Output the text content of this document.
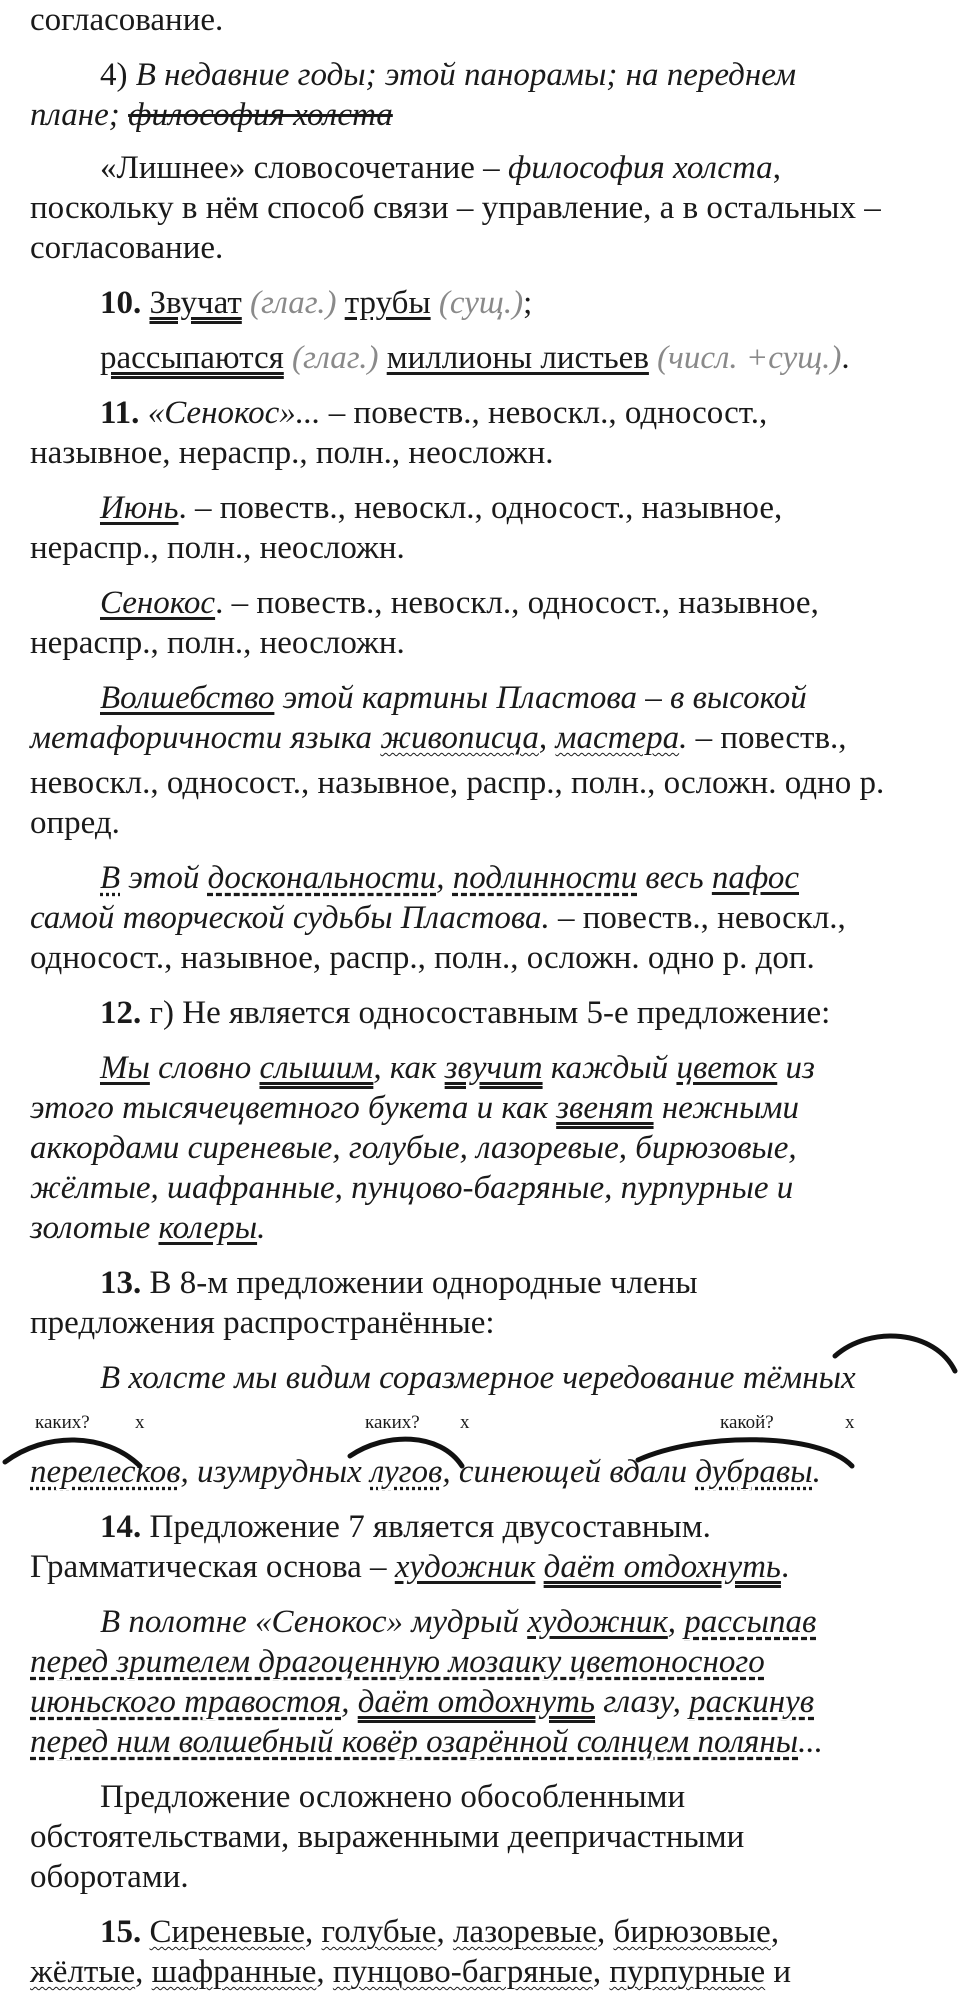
согласование.
4) В недавние годы; этой панорамы; на переднем
плане; философия холста
«Лишнее» словосочетание – философия холста,
поскольку в нём способ связи – управление, а в остальных –
согласование.
10. Звучат (глаг.) трубы (сущ.);
рассыпаются (глаг.) миллионы листьев (числ. +сущ.).
11. «Сенокос»... – повеств., невоскл., односост.,
назывное, нераспр., полн., неосложн.
Июнь. – повеств., невоскл., односост., назывное,
нераспр., полн., неосложн.
Сенокос. – повеств., невоскл., односост., назывное,
нераспр., полн., неосложн.
Волшебство этой картины Пластова – в высокой
метафоричности языка живописца, мастера. – повеств.,
невоскл., односост., назывное, распр., полн., осложн. одно р.
опред.
В этой доскональности, подлинности весь пафос
самой творческой судьбы Пластова. – повеств., невоскл.,
односост., назывное, распр., полн., осложн. одно р. доп.
12. г) Не является односоставным 5-е предложение:
Мы словно слышим, как звучит каждый цветок из
этого тысячецветного букета и как звенят нежными
аккордами сиреневые, голубые, лазоревые, бирюзовые,
жёлтые, шафранные, пунцово-багряные, пурпурные и
золотые колеры.
13. В 8-м предложении однородные члены
предложения распространённые:
В холсте мы видим соразмерное чередование тёмных
каких? х	каких? х	какой?	х
перелесков, изумрудных лугов, синеющей вдали дубравы.
14. Предложение 7 является двусоставным.
Грамматическая основа – художник даёт отдохнуть.
В полотне «Сенокос» мудрый художник, рассыпав
перед зрителем драгоценную мозаику цветоносного
июньского травостоя, даёт отдохнуть глазу, раскинув
перед ним волшебный ковёр озарённой солнцем поляны...
Предложение осложнено обособленными
обстоятельствами, выраженными деепричастными
оборотами.
15. Сиреневые, голубые, лазоревые, бирюзовые,
жёлтые, шафранные, пунцово-багряные, пурпурные и
